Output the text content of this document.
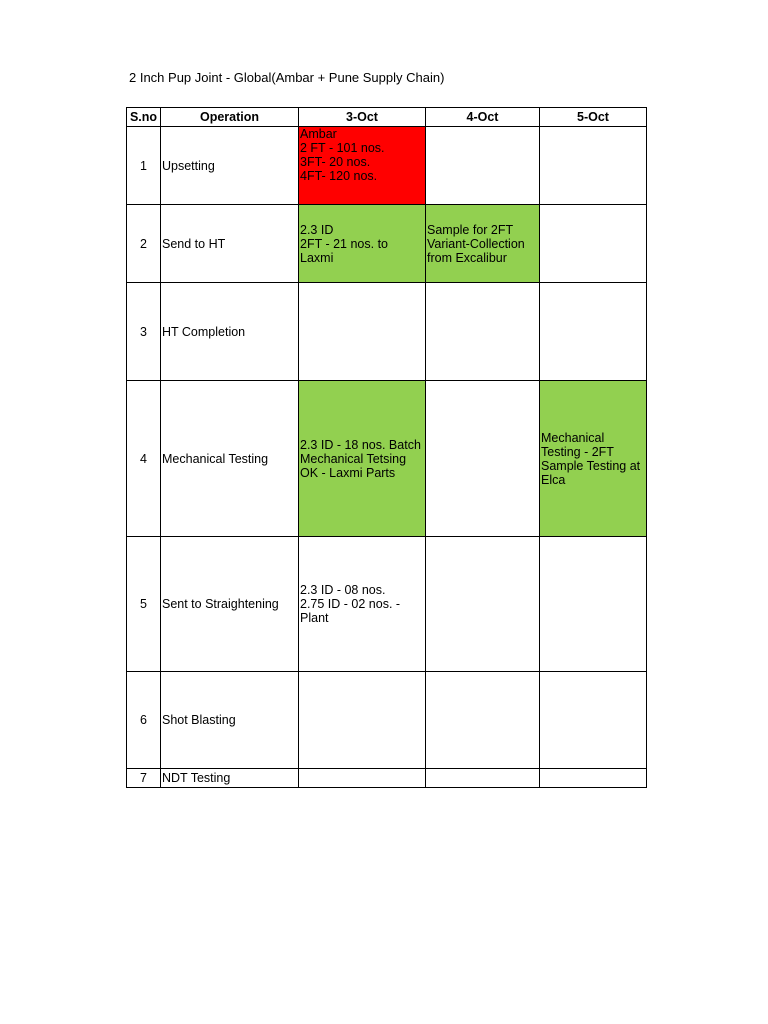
2 Inch Pup Joint - Global(Ambar + Pune Supply Chain)
S.no	Operation	3-Oct	4-Oct	5-Oct
1	Upsetting	Ambar
2 FT - 101 nos.
3FT- 20 nos.
4FT- 120 nos.		
2	Send to HT	2.3 ID
2FT - 21 nos. to Laxmi	Sample for 2FT
Variant-Collection
from Excalibur	
3	HT Completion			
4	Mechanical Testing	2.3 ID - 18 nos. Batch
Mechanical Tetsing
OK - Laxmi Parts		Mechanical
Testing - 2FT
Sample Testing at
Elca
5	Sent to Straightening	2.3 ID - 08 nos.
2.75 ID - 02 nos. -
Plant		
6	Shot Blasting			
7	NDT Testing			
